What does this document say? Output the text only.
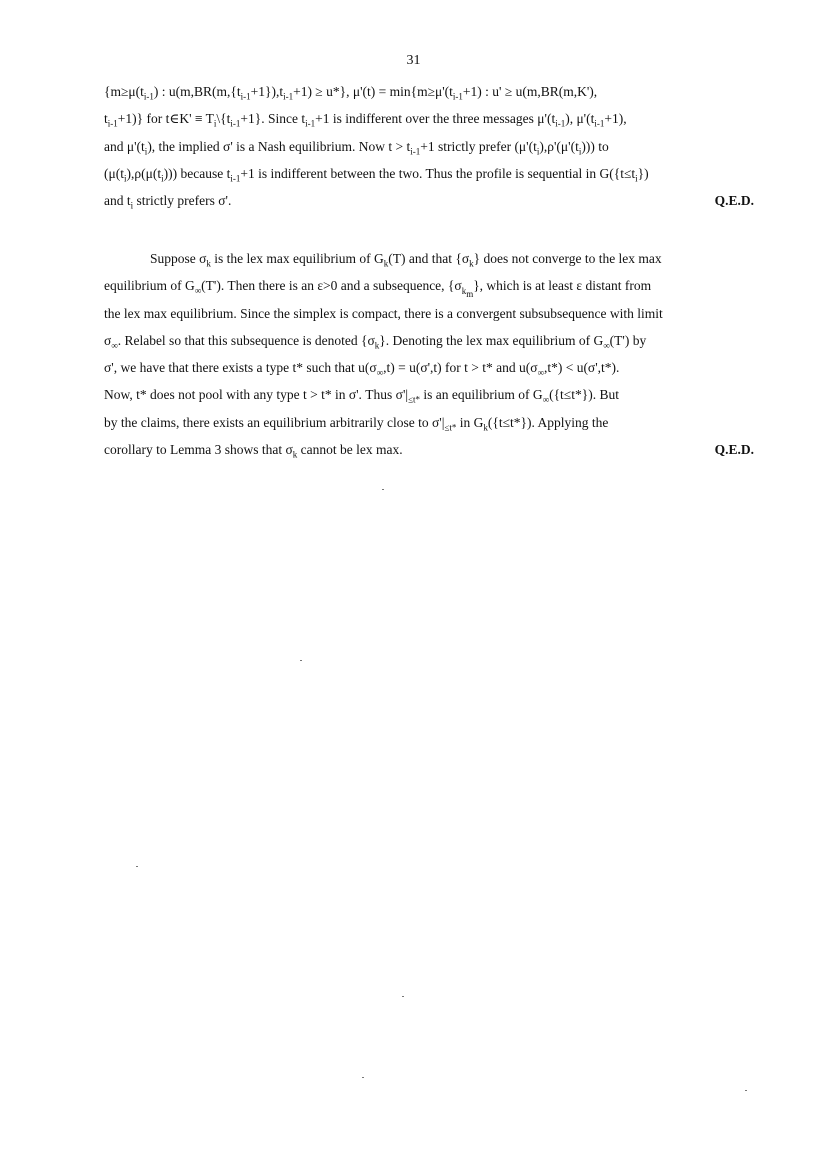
31
{$m\ge\mu(t_{i-1})$ : $u(m,BR(m,\{t_{i-1}+1\}),t_{i-1}+1) \ge u*$}, $\mu'(t) = \min\{m\ge\mu'(t_{i-1}+1)$ : u' ≥ u(m,BR(m,K'),
$t_{i-1}+1$)} for t∈K' ≡ $T_i\backslash\{t_{i-1}+1\}$. Since $t_{i-1}+1$ is indifferent over the three messages $\mu'(t_{i-1})$, $\mu'(t_{i-1}+1)$,
and $\mu'(t_i)$, the implied σ' is a Nash equilibrium. Now $t > t_{i-1}+1$ strictly prefer $(\mu'(t_i),\rho'(\mu'(t_i)))$ to
$(\mu(t_i),\rho(\mu(t_i)))$ because $t_{i-1}+1$ is indifferent between the two. Thus the profile is sequential in $G(\{t\le t_i\})$
and $t_i$ strictly prefers σ'.	Q.E.D.
Suppose $\sigma_k$ is the lex max equilibrium of $G_k(T)$ and that $\{\sigma_k\}$ does not converge to the lex max
equilibrium of $G_\infty(T')$. Then there is an ε>0 and a subsequence, $\{\sigma_{k_m}\}$, which is at least ε distant from
the lex max equilibrium. Since the simplex is compact, there is a convergent subsubsequence with limit
$\sigma_\infty$. Relabel so that this subsequence is denoted $\{\sigma_k\}$. Denoting the lex max equilibrium of $G_\infty(T')$ by
σ', we have that there exists a type t* such that $u(\sigma_\infty,t) = u(\sigma',t)$ for t > t* and $u(\sigma_\infty,t*) < u(\sigma',t*)$.
Now, t* does not pool with any type t > t* in σ'. Thus $\sigma'|_{\le t*}$ is an equilibrium of $G_\infty(\{t\le t*\})$. But
by the claims, there exists an equilibrium arbitrarily close to $\sigma'|_{\le t*}$ in $G_k(\{t\le t*\})$. Applying the
corollary to Lemma 3 shows that $\sigma_k$ cannot be lex max.	Q.E.D.
